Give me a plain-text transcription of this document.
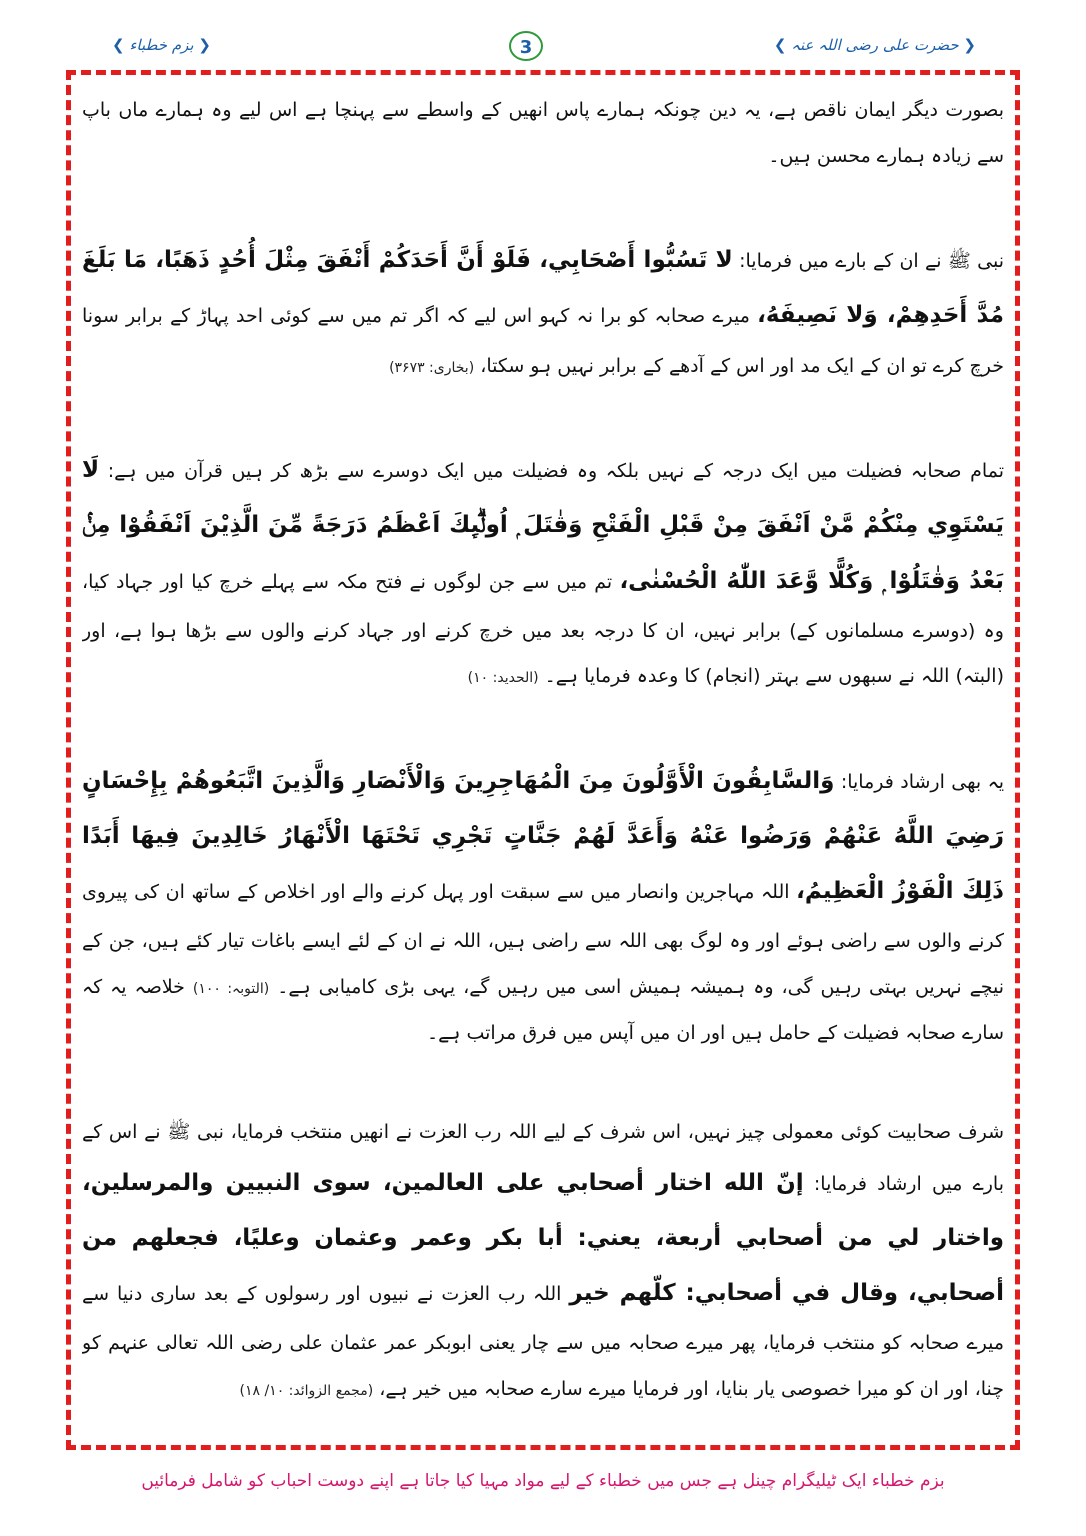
❮ بزم خطباء ❯	3	❮ حضرت علی رضی اللہ عنہ ❯

بصورت دیگر ایمان ناقص ہے، یہ دین چونکہ ہمارے پاس انھیں کے واسطے سے پہنچا ہے اس لیے وہ ہمارے ماں باپ سے زیادہ ہمارے محسن ہیں۔

نبی ﷺ نے ان کے بارے میں فرمایا: لا تَسُبُّوا أَصْحَابِي، فَلَوْ أَنَّ أَحَدَكُمْ أَنْفَقَ مِثْلَ أُحُدٍ ذَهَبًا، مَا بَلَغَ مُدَّ أَحَدِهِمْ، وَلا نَصِيفَهُ، میرے صحابہ کو برا نہ کہو اس لیے کہ اگر تم میں سے کوئی احد پہاڑ کے برابر سونا خرچ کرے تو ان کے ایک مد اور اس کے آدھے کے برابر نہیں ہو سکتا، (بخاری: ۳۶۷۳)

تمام صحابہ فضیلت میں ایک درجہ کے نہیں بلکہ وہ فضیلت میں ایک دوسرے سے بڑھ کر ہیں قرآن میں ہے: لَا يَسْتَوِي مِنْكُمْ مَّنْ اَنْفَقَ مِنْ قَبْلِ الْفَتْحِ وَقٰتَلَ ۭ اُولٰۗىِٕكَ اَعْظَمُ دَرَجَةً مِّنَ الَّذِيْنَ اَنْفَقُوْا مِنْۢ بَعْدُ وَقٰتَلُوْا ۭ وَكُلًّا وَّعَدَ اللّٰهُ الْحُسْنٰى، تم میں سے جن لوگوں نے فتح مکہ سے پہلے خرچ کیا اور جہاد کیا، وہ (دوسرے مسلمانوں کے) برابر نہیں، ان کا درجہ بعد میں خرچ کرنے اور جہاد کرنے والوں سے بڑھا ہوا ہے، اور (البتہ) اللہ نے سبھوں سے بہتر (انجام) کا وعدہ فرمایا ہے۔ (الحدید: ۱۰)

یہ بھی ارشاد فرمایا: وَالسَّابِقُونَ الْأَوَّلُونَ مِنَ الْمُهَاجِرِينَ وَالْأَنْصَارِ وَالَّذِينَ اتَّبَعُوهُمْ بِإِحْسَانٍ رَضِيَ اللَّهُ عَنْهُمْ وَرَضُوا عَنْهُ وَأَعَدَّ لَهُمْ جَنَّاتٍ تَجْرِي تَحْتَهَا الْأَنْهَارُ خَالِدِينَ فِيهَا أَبَدًا ذَلِكَ الْفَوْزُ الْعَظِيمُ، اللہ مہاجرین وانصار میں سے سبقت اور پہل کرنے والے اور اخلاص کے ساتھ ان کی پیروی کرنے والوں سے راضی ہوئے اور وہ لوگ بھی اللہ سے راضی ہیں، اللہ نے ان کے لئے ایسے باغات تیار کئے ہیں، جن کے نیچے نہریں بہتی رہیں گی، وہ ہمیشہ ہمیش اسی میں رہیں گے، یہی بڑی کامیابی ہے۔ (التوبہ: ۱۰۰) خلاصہ یہ کہ سارے صحابہ فضیلت کے حامل ہیں اور ان میں آپس میں فرق مراتب ہے۔

شرف صحابیت کوئی معمولی چیز نہیں، اس شرف کے لیے اللہ رب العزت نے انھیں منتخب فرمایا، نبی ﷺ نے اس کے بارے میں ارشاد فرمایا: إنّ الله اختار أصحابي على العالمين، سوى النبيين والمرسلين، واختار لي من أصحابي أربعة، يعني: أبا بكر وعمر وعثمان وعليًا، فجعلهم من أصحابي، وقال في أصحابي: كلّهم خير اللہ رب العزت نے نبیوں اور رسولوں کے بعد ساری دنیا سے میرے صحابہ کو منتخب فرمایا، پھر میرے صحابہ میں سے چار یعنی ابوبکر عمر عثمان علی رضی اللہ تعالی عنہم کو چنا، اور ان کو میرا خصوصی یار بنایا، اور فرمایا میرے سارے صحابہ میں خیر ہے، (مجمع الزوائد: ۱۰/ ۱۸)

بزم خطباء ایک ٹیلیگرام چینل ہے جس میں خطباء کے لیے مواد مہیا کیا جاتا ہے اپنے دوست احباب کو شامل فرمائیں
